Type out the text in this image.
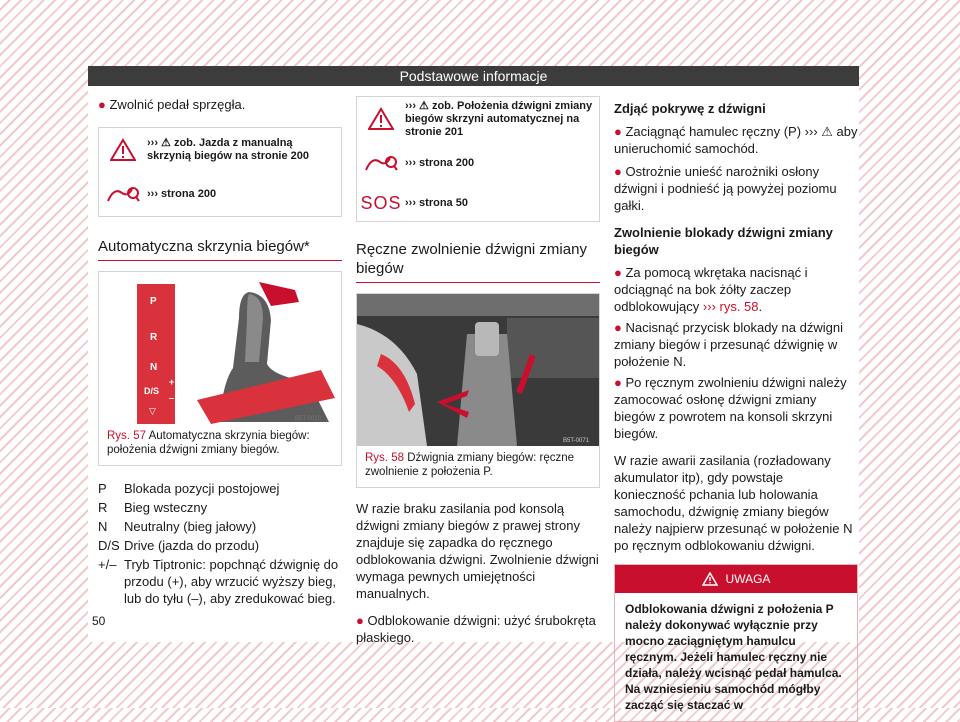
Podstawowe informacje

● Zwolnić pedał sprzęgła.

››› ⚠ zob. Jazda z manualną skrzynią biegów na stronie 200
››› strona 200
Automatyczna skrzynia biegów*
B5T-0010
P
R
N
D/S
+
–
▽
Rys. 57 Automatyczna skrzynia biegów: położenia dźwigni zmiany biegów.
P	Blokada pozycji postojowej
R	Bieg wsteczny
N	Neutralny (bieg jałowy)
D/S Drive (jazda do przodu)
+/– Tryb Tiptronic: popchnąć dźwignię do przodu (+), aby wrzucić wyższy bieg, lub do tyłu (–), aby zredukować bieg.
››› ⚠ zob. Położenia dźwigni zmiany biegów skrzyni automatycznej na stronie 201
››› strona 200
SOS ››› strona 50
Ręczne zwolnienie dźwigni zmiany biegów
B5T-0071
Rys. 58 Dźwignia zmiany biegów: ręczne zwolnienie z położenia P.

W razie braku zasilania pod konsolą dźwigni zmiany biegów z prawej strony znajduje się zapadka do ręcznego odblokowania dźwigni. Zwolnienie dźwigni wymaga pewnych umiejętności manualnych.

● Odblokowanie dźwigni: użyć śrubokręta płaskiego.

Zdjąć pokrywę z dźwigni

● Zaciągnąć hamulec ręczny (P) ››› ⚠ aby unieruchomić samochód.

● Ostrożnie unieść narożniki osłony dźwigni i podnieść ją powyżej poziomu gałki.

Zwolnienie blokady dźwigni zmiany biegów

● Za pomocą wkrętaka nacisnąć i odciągnąć na bok żółty zaczep odblokowujący ››› rys. 58.

● Nacisnąć przycisk blokady na dźwigni zmiany biegów i przesunąć dźwignię w położenie N.

● Po ręcznym zwolnieniu dźwigni należy zamocować osłonę dźwigni zmiany biegów z powrotem na konsoli skrzyni biegów.

W razie awarii zasilania (rozładowany akumulator itp), gdy powstaje konieczność pchania lub holowania samochodu, dźwignię zmiany biegów należy najpierw przesunąć w położenie N po ręcznym odblokowaniu dźwigni.

UWAGA
Odblokowania dźwigni z położenia P należy dokonywać wyłącznie przy mocno zaciągniętym hamulcu ręcznym. Jeżeli hamulec ręczny nie działa, należy wcisnąć pedał hamulca. Na wzniesieniu samochód mógłby zacząć się staczać w
50
